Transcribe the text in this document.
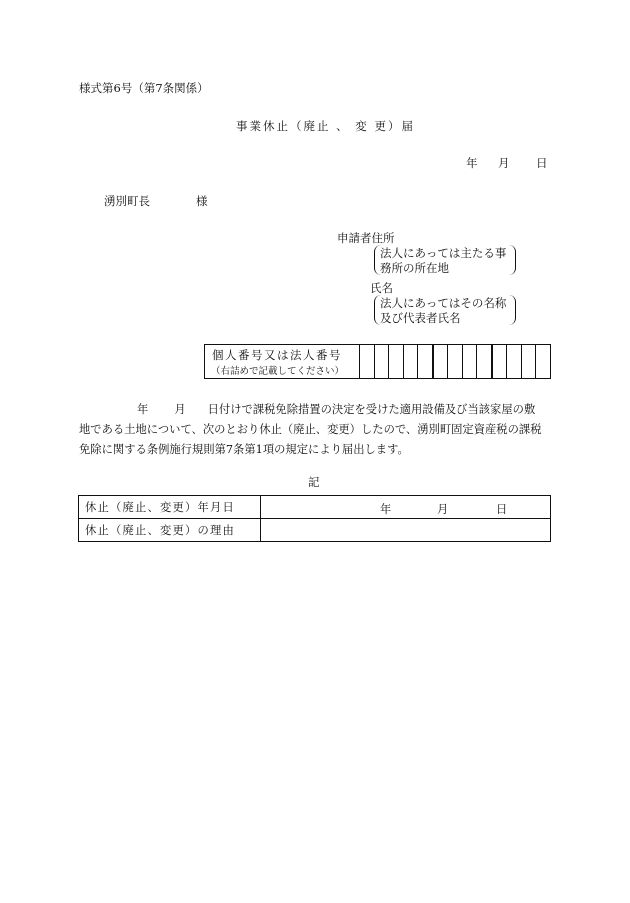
様式第6号（第7条関係）
事業休止（廃止 、 変 更）届
年 月 日
湧別町長	様
申請者住所
法人にあっては主たる事
務所の所在地
氏名
法人にあってはその名称
及び代表者氏名
個人番号又は法人番号
（右詰めで記載してください）
年 月 日付けで課税免除措置の決定を受けた適用設備及び当該家屋の敷
地である土地について、次のとおり休止（廃止、変更）したので、湧別町固定資産税の課税
免除に関する条例施行規則第7条第1項の規定により届出します。
記
休止（廃止、変更）年月日	年 月 日

休止（廃止、変更）の理由	
